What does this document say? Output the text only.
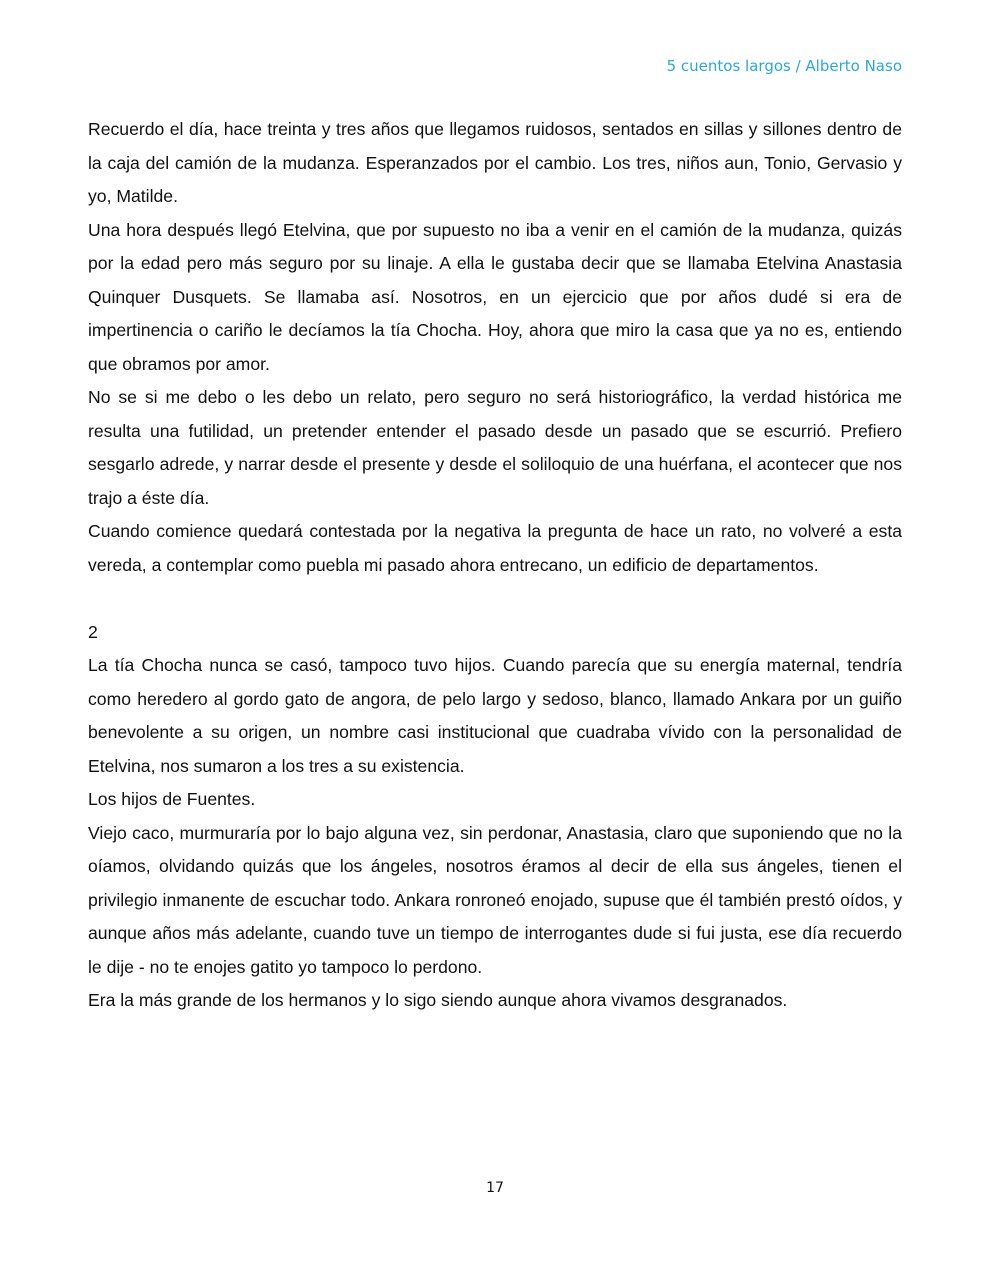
5 cuentos largos / Alberto Naso

Recuerdo el día, hace treinta y tres años que llegamos ruidosos, sentados en sillas y sillones dentro de la caja del camión de la mudanza. Esperanzados por el cambio. Los tres, niños aun, Tonio, Gervasio y yo, Matilde.

Una hora después llegó Etelvina, que por supuesto no iba a venir en el camión de la mudanza, quizás por la edad pero más seguro por su linaje. A ella le gustaba decir que se llamaba Etelvina Anastasia Quinquer Dusquets. Se llamaba así. Nosotros, en un ejercicio que por años dudé si era de impertinencia o cariño le decíamos la tía Chocha. Hoy, ahora que miro la casa que ya no es, entiendo que obramos por amor.

No se si me debo o les debo un relato, pero seguro no será historiográfico, la verdad histórica me resulta una futilidad, un pretender entender el pasado desde un pasado que se escurrió. Prefiero sesgarlo adrede, y narrar desde el presente y desde el soliloquio de una huérfana, el acontecer que nos trajo a éste día.

Cuando comience quedará contestada por la negativa la pregunta de hace un rato, no volveré a esta vereda, a contemplar como puebla mi pasado ahora entrecano, un edificio de departamentos.

2

La tía Chocha nunca se casó, tampoco tuvo hijos. Cuando parecía que su energía maternal, tendría como heredero al gordo gato de angora, de pelo largo y sedoso, blanco, llamado Ankara por un guiño benevolente a su origen, un nombre casi institucional que cuadraba vívido con la personalidad de Etelvina, nos sumaron a los tres a su existencia.

Los hijos de Fuentes.

Viejo caco, murmuraría por lo bajo alguna vez, sin perdonar, Anastasia, claro que suponiendo que no la oíamos, olvidando quizás que los ángeles, nosotros éramos al decir de ella sus ángeles, tienen el privilegio inmanente de escuchar todo. Ankara ronroneó enojado, supuse que él también prestó oídos, y aunque años más adelante, cuando tuve un tiempo de interrogantes dude si fui justa, ese día recuerdo le dije - no te enojes gatito yo tampoco lo perdono.

Era la más grande de los hermanos y lo sigo siendo aunque ahora vivamos desgranados.

17
